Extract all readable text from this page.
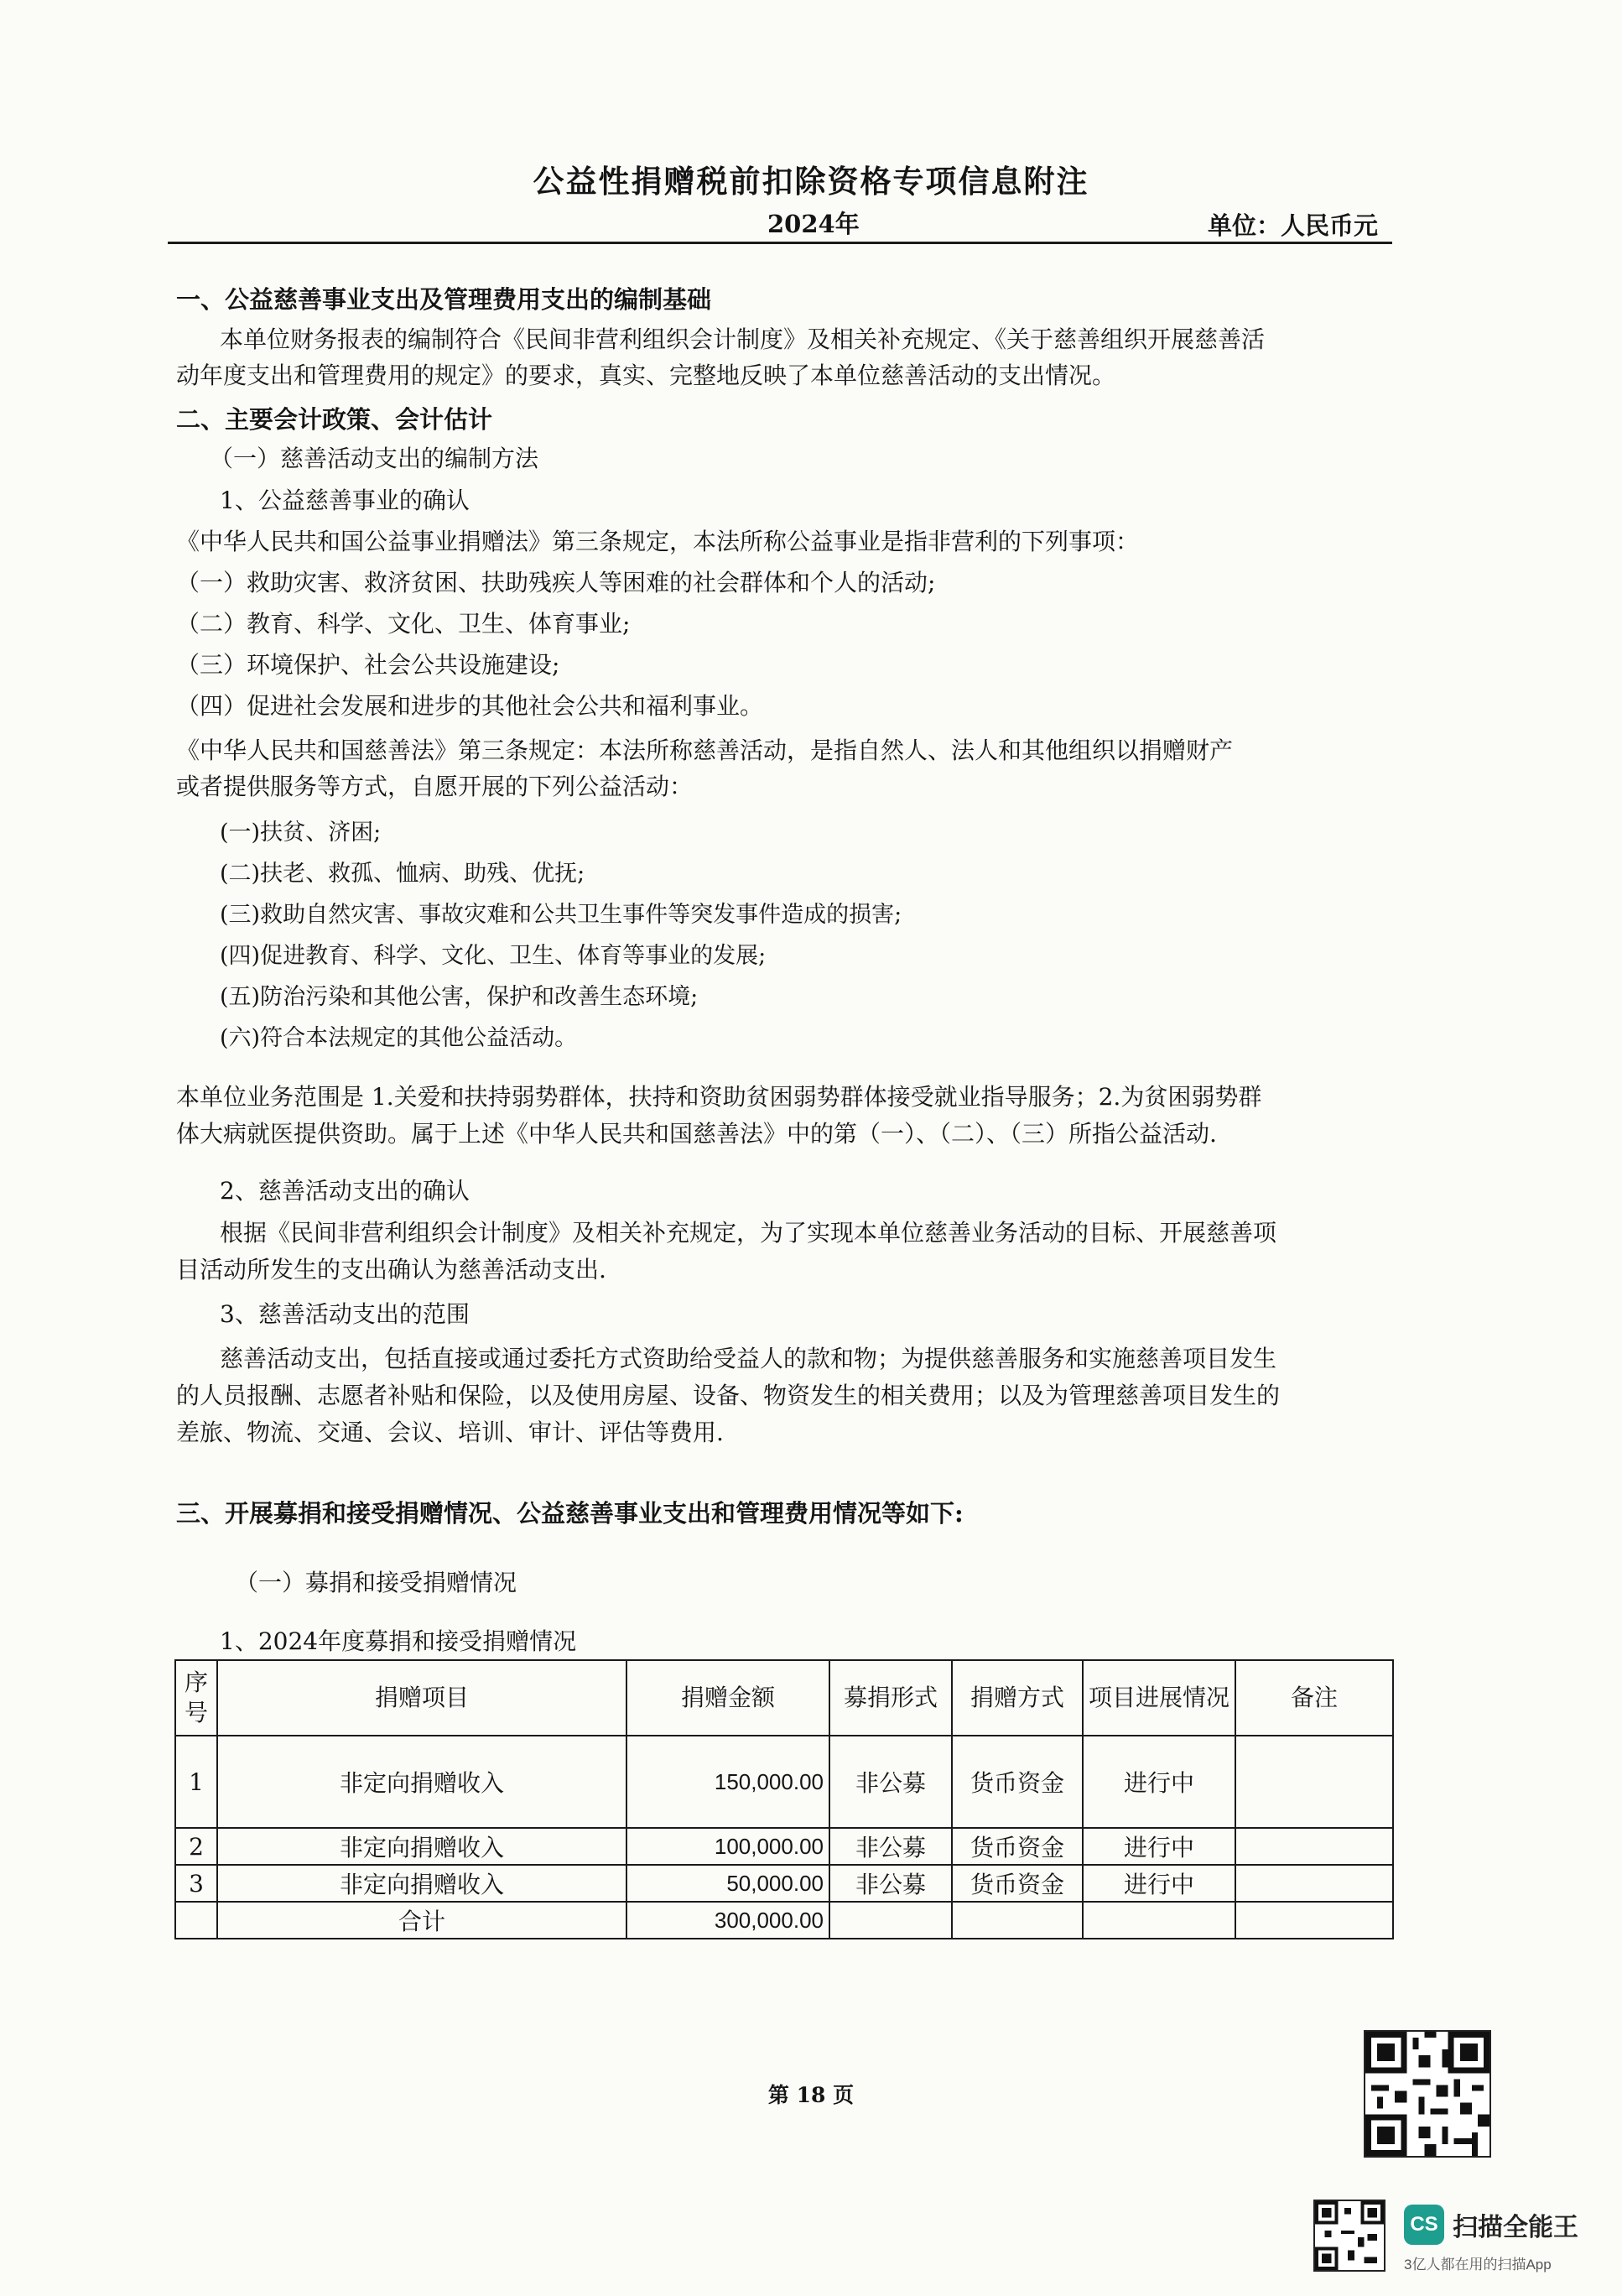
公益性捐赠税前扣除资格专项信息附注
2024年	单位：人民币元
一、公益慈善事业支出及管理费用支出的编制基础
本单位财务报表的编制符合《民间非营利组织会计制度》及相关补充规定、《关于慈善组织开展慈善活
动年度支出和管理费用的规定》的要求，真实、完整地反映了本单位慈善活动的支出情况。
二、主要会计政策、会计估计
（一）慈善活动支出的编制方法
1、公益慈善事业的确认
《中华人民共和国公益事业捐赠法》第三条规定，本法所称公益事业是指非营利的下列事项：
（一）救助灾害、救济贫困、扶助残疾人等困难的社会群体和个人的活动;
（二）教育、科学、文化、卫生、体育事业;
（三）环境保护、社会公共设施建设;
（四）促进社会发展和进步的其他社会公共和福利事业。
《中华人民共和国慈善法》第三条规定：本法所称慈善活动，是指自然人、法人和其他组织以捐赠财产
或者提供服务等方式，自愿开展的下列公益活动：
(一)扶贫、济困;
(二)扶老、救孤、恤病、助残、优抚;
(三)救助自然灾害、事故灾难和公共卫生事件等突发事件造成的损害;
(四)促进教育、科学、文化、卫生、体育等事业的发展;
(五)防治污染和其他公害，保护和改善生态环境;
(六)符合本法规定的其他公益活动。
本单位业务范围是 1.关爱和扶持弱势群体，扶持和资助贫困弱势群体接受就业指导服务；2.为贫困弱势群
体大病就医提供资助。属于上述《中华人民共和国慈善法》中的第（一）、（二）、（三）所指公益活动.
2、慈善活动支出的确认
根据《民间非营利组织会计制度》及相关补充规定，为了实现本单位慈善业务活动的目标、开展慈善项
目活动所发生的支出确认为慈善活动支出.
3、慈善活动支出的范围
慈善活动支出，包括直接或通过委托方式资助给受益人的款和物；为提供慈善服务和实施慈善项目发生
的人员报酬、志愿者补贴和保险，以及使用房屋、设备、物资发生的相关费用；以及为管理慈善项目发生的
差旅、物流、交通、会议、培训、审计、评估等费用.
三、开展募捐和接受捐赠情况、公益慈善事业支出和管理费用情况等如下:
（一）募捐和接受捐赠情况
1、2024年度募捐和接受捐赠情况
序号	捐赠项目	捐赠金额	募捐形式	捐赠方式	项目进展情况	备注
1	非定向捐赠收入	150,000.00	非公募	货币资金	进行中	
2	非定向捐赠收入	100,000.00	非公募	货币资金	进行中	
3	非定向捐赠收入	50,000.00	非公募	货币资金	进行中	
	合计	300,000.00				
第 18 页
CS 扫描全能王
3亿人都在用的扫描App
